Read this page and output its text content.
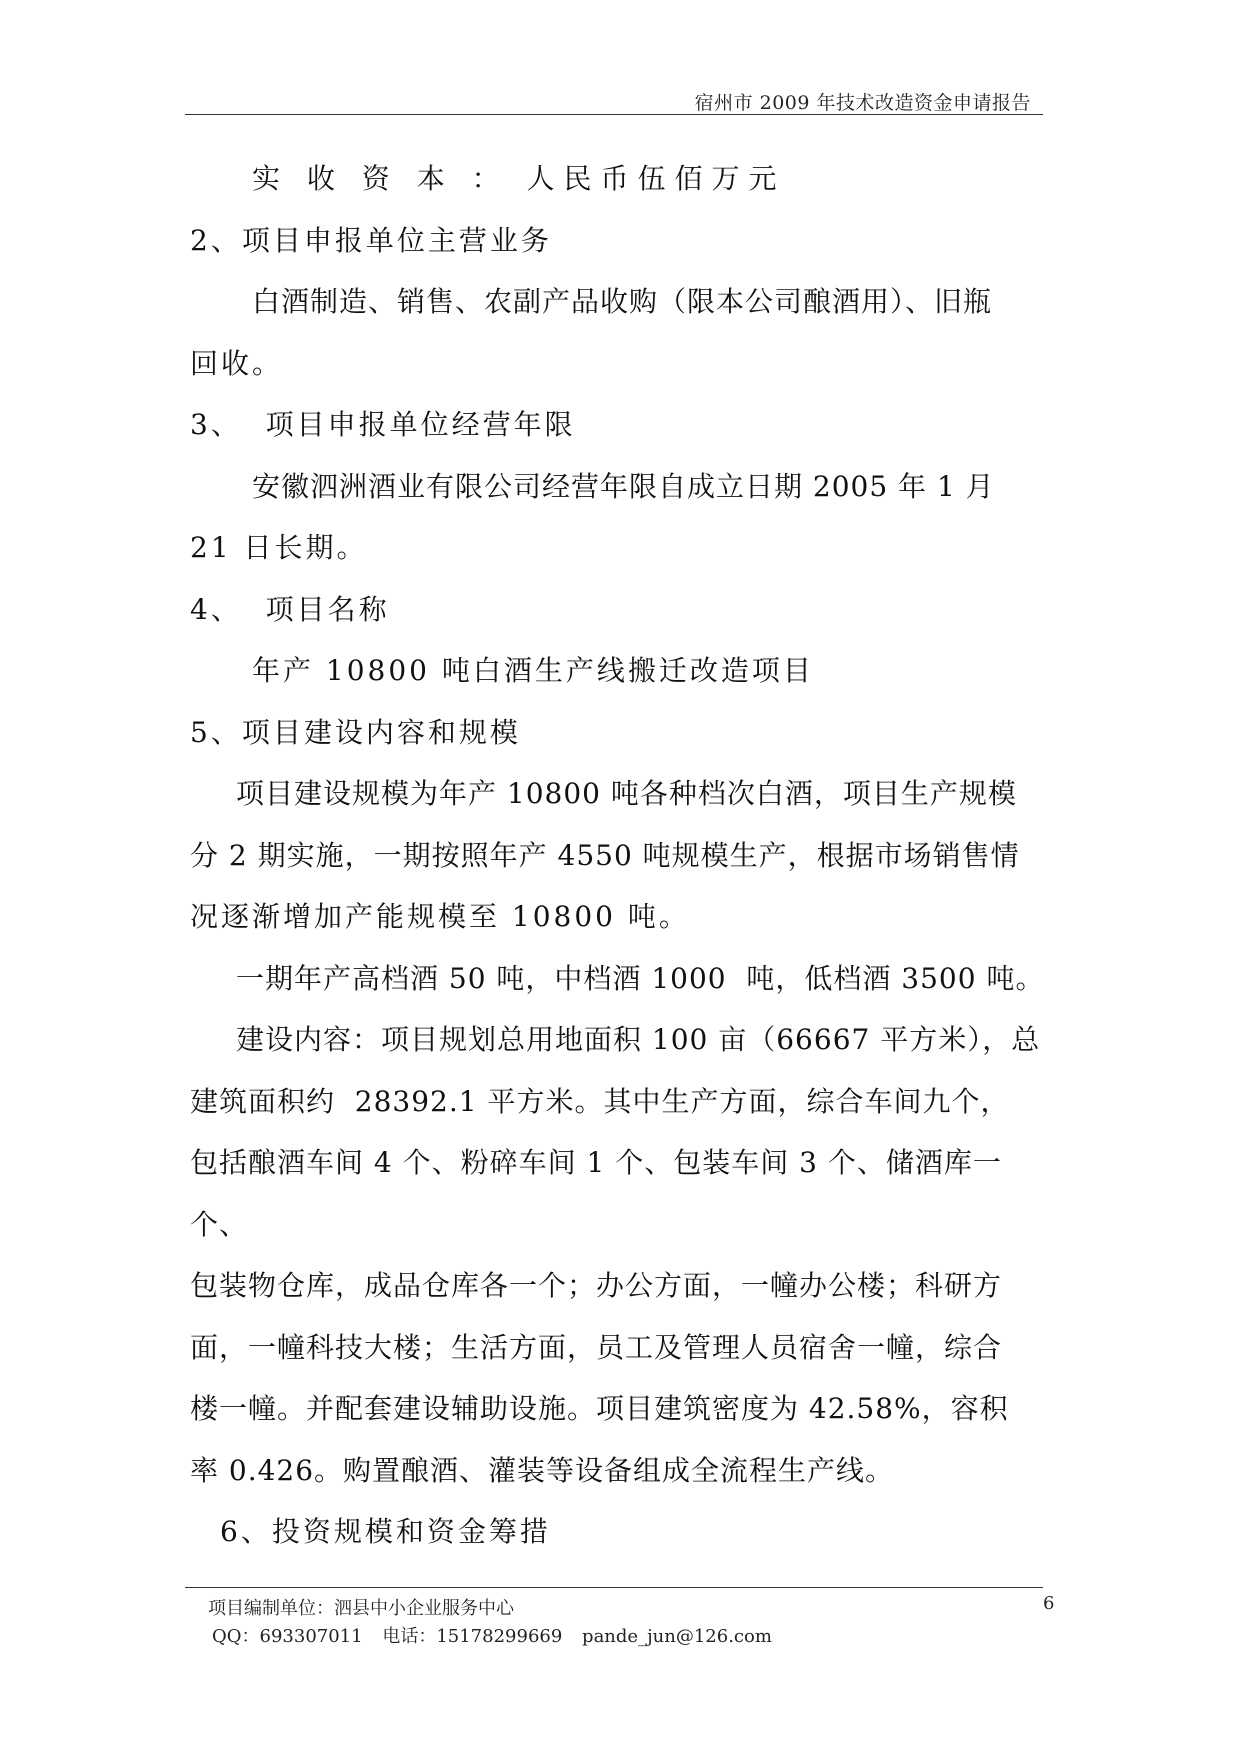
宿州市 2009 年技术改造资金申请报告

实 收 资 本 ： 人民币伍佰万元

2、项目申报单位主营业务

白酒制造、销售、农副产品收购（限本公司酿酒用）、旧瓶

回收。

3、  项目申报单位经营年限

安徽泗洲酒业有限公司经营年限自成立日期 2005 年 1 月

21 日长期。

4、  项目名称

年产 10800 吨白酒生产线搬迁改造项目

5、项目建设内容和规模

项目建设规模为年产 10800 吨各种档次白酒，项目生产规模

分 2 期实施，一期按照年产 4550 吨规模生产，根据市场销售情

况逐渐增加产能规模至 10800 吨。

一期年产高档酒 50 吨，中档酒 1000  吨，低档酒 3500 吨。

建设内容：项目规划总用地面积 100 亩（66667 平方米），总

建筑面积约  28392.1 平方米。其中生产方面，综合车间九个，

包括酿酒车间 4 个、粉碎车间 1 个、包装车间 3 个、储酒库一个、

包装物仓库，成品仓库各一个；办公方面，一幢办公楼；科研方

面，一幢科技大楼；生活方面，员工及管理人员宿舍一幢，综合

楼一幢。并配套建设辅助设施。项目建筑密度为 42.58%，容积

率 0.426。购置酿酒、灌装等设备组成全流程生产线。

6、投资规模和资金筹措

项目编制单位：泗县中小企业服务中心	6
QQ：693307011 电话：15178299669 pande_jun@126.com
